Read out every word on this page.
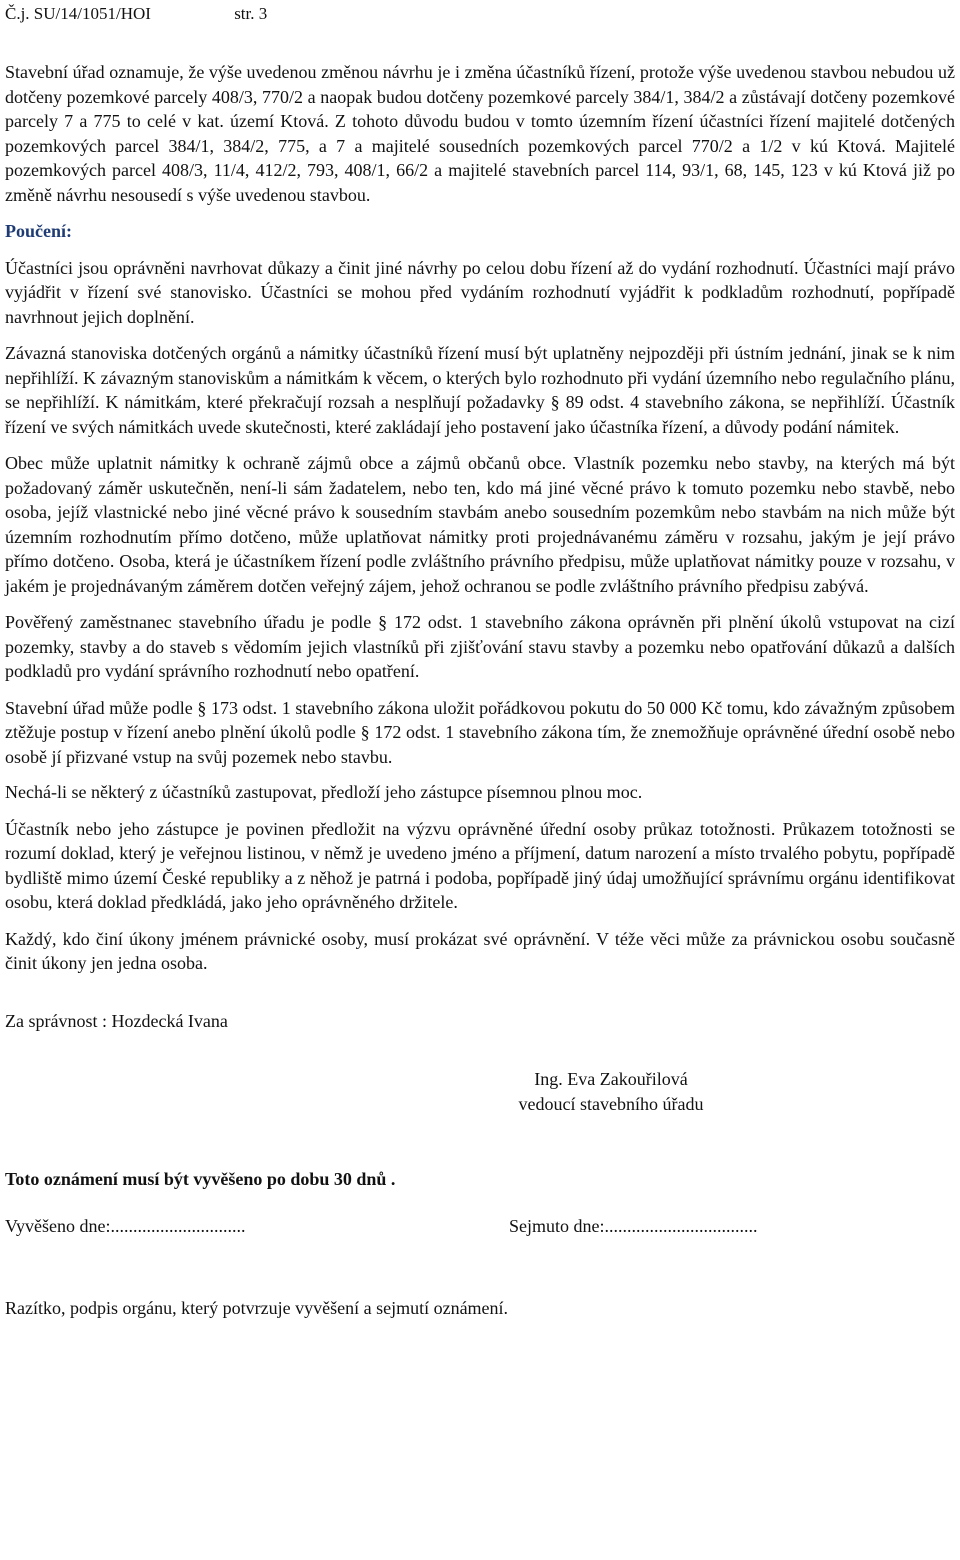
Č.j. SU/14/1051/HOI	str. 3

Stavební úřad oznamuje, že výše uvedenou změnou návrhu je i změna účastníků řízení, protože výše uvedenou stavbou nebudou už dotčeny pozemkové parcely 408/3, 770/2 a naopak budou dotčeny pozemkové parcely 384/1, 384/2 a zůstávají dotčeny pozemkové parcely 7 a 775 to celé v kat. území Ktová. Z tohoto důvodu budou v tomto územním řízení účastníci řízení majitelé dotčených pozemkových parcel 384/1, 384/2, 775, a 7 a majitelé sousedních pozemkových parcel 770/2 a 1/2 v kú Ktová. Majitelé pozemkových parcel 408/3, 11/4, 412/2, 793, 408/1, 66/2 a majitelé stavebních parcel 114, 93/1, 68, 145, 123 v kú Ktová již po změně návrhu nesousedí s výše uvedenou stavbou.

Poučení:

Účastníci jsou oprávněni navrhovat důkazy a činit jiné návrhy po celou dobu řízení až do vydání rozhodnutí. Účastníci mají právo vyjádřit v řízení své stanovisko. Účastníci se mohou před vydáním rozhodnutí vyjádřit k podkladům rozhodnutí, popřípadě navrhnout jejich doplnění.

Závazná stanoviska dotčených orgánů a námitky účastníků řízení musí být uplatněny nejpozději při ústním jednání, jinak se k nim nepřihlíží. K závazným stanoviskům a námitkám k věcem, o kterých bylo rozhodnuto při vydání územního nebo regulačního plánu, se nepřihlíží. K námitkám, které překračují rozsah a nesplňují požadavky § 89 odst. 4 stavebního zákona, se nepřihlíží. Účastník řízení ve svých námitkách uvede skutečnosti, které zakládají jeho postavení jako účastníka řízení, a důvody podání námitek.

Obec může uplatnit námitky k ochraně zájmů obce a zájmů občanů obce. Vlastník pozemku nebo stavby, na kterých má být požadovaný záměr uskutečněn, není-li sám žadatelem, nebo ten, kdo má jiné věcné právo k tomuto pozemku nebo stavbě, nebo osoba, jejíž vlastnické nebo jiné věcné právo k sousedním stavbám anebo sousedním pozemkům nebo stavbám na nich může být územním rozhodnutím přímo dotčeno, může uplatňovat námitky proti projednávanému záměru v rozsahu, jakým je její právo přímo dotčeno. Osoba, která je účastníkem řízení podle zvláštního právního předpisu, může uplatňovat námitky pouze v rozsahu, v jakém je projednávaným záměrem dotčen veřejný zájem, jehož ochranou se podle zvláštního právního předpisu zabývá.

Pověřený zaměstnanec stavebního úřadu je podle § 172 odst. 1 stavebního zákona oprávněn při plnění úkolů vstupovat na cizí pozemky, stavby a do staveb s vědomím jejich vlastníků při zjišťování stavu stavby a pozemku nebo opatřování důkazů a dalších podkladů pro vydání správního rozhodnutí nebo opatření.

Stavební úřad může podle § 173 odst. 1 stavebního zákona uložit pořádkovou pokutu do 50 000 Kč tomu, kdo závažným způsobem ztěžuje postup v řízení anebo plnění úkolů podle § 172 odst. 1 stavebního zákona tím, že znemožňuje oprávněné úřední osobě nebo osobě jí přizvané vstup na svůj pozemek nebo stavbu.

Nechá-li se některý z účastníků zastupovat, předloží jeho zástupce písemnou plnou moc.

Účastník nebo jeho zástupce je povinen předložit na výzvu oprávněné úřední osoby průkaz totožnosti. Průkazem totožnosti se rozumí doklad, který je veřejnou listinou, v němž je uvedeno jméno a příjmení, datum narození a místo trvalého pobytu, popřípadě bydliště mimo území České republiky a z něhož je patrná i podoba, popřípadě jiný údaj umožňující správnímu orgánu identifikovat osobu, která doklad předkládá, jako jeho oprávněného držitele.

Každý, kdo činí úkony jménem právnické osoby, musí prokázat své oprávnění. V téže věci může za právnickou osobu současně činit úkony jen jedna osoba.

Za správnost : Hozdecká Ivana

Ing. Eva Zakouřilová
vedoucí stavebního úřadu

Toto oznámení musí být vyvěšeno po dobu 30 dnů .

Vyvěšeno dne:..............................	Sejmuto dne:..................................

Razítko, podpis orgánu, který potvrzuje vyvěšení a sejmutí oznámení.
